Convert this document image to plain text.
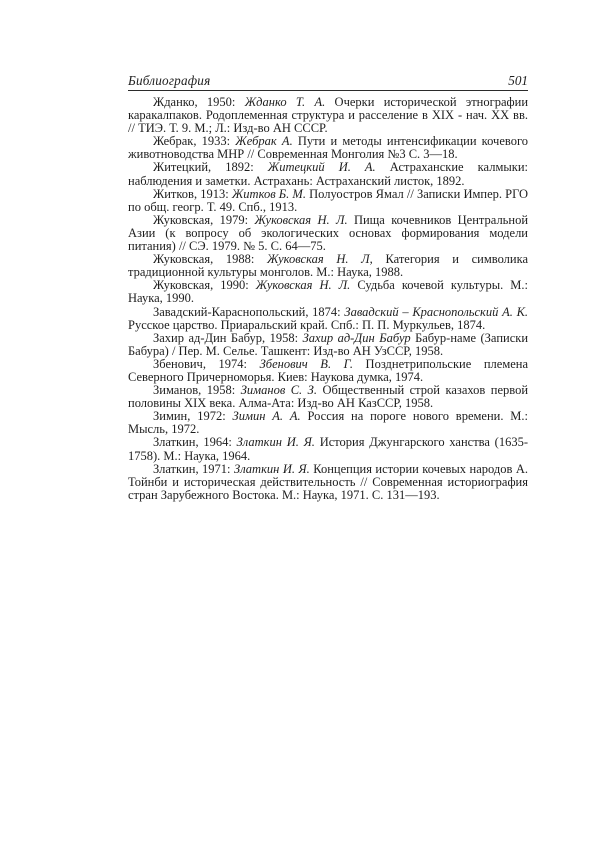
Библиография	501

Жданко, 1950: Жданко Т. А. Очерки исторической этнографии каракалпаков. Родоплеменная структура и расселение в XIX - нач. XX вв. // ТИЭ. Т. 9. М.; Л.: Изд-во АН СССР.

Жебрак, 1933: Жебрак А. Пути и методы интенсификации кочевого животноводства МНР // Современная Монголия №3 С. 3—18.

Житецкий, 1892: Житецкий И. А. Астраханские калмыки: наблюдения и заметки. Астрахань: Астраханский листок, 1892.

Житков, 1913: Житков Б. М. Полуостров Ямал // Записки Импер. РГО по общ. геогр. Т. 49. Спб., 1913.

Жуковская, 1979: Жуковская Н. Л. Пища кочевников Центральной Азии (к вопросу об экологических основах формирования модели питания) // СЭ. 1979. № 5. С. 64—75.

Жуковская, 1988: Жуковская Н. Л, Категория и символика традиционной культуры монголов. М.: Наука, 1988.

Жуковская, 1990: Жуковская Н. Л. Судьба кочевой культуры. М.: Наука, 1990.

Завадский-Караснопольский, 1874: Завадский – Краснопольский А. К. Русское царство. Приаральский край. Спб.: П. П. Муркульев, 1874.

Захир ад-Дин Бабур, 1958: Захир ад-Дин Бабур Бабур-наме (Записки Бабура) / Пер. М. Селье. Ташкент: Изд-во АН УзССР, 1958.

Збенович, 1974: Збенович В. Г. Позднетрипольские племена Северного Причерноморья. Киев: Наукова думка, 1974.

Зиманов, 1958: Зиманов С. З. Общественный строй казахов первой половины XIX века. Алма-Ата: Изд-во АН КазССР, 1958.

Зимин, 1972: Зимин А. А. Россия на пороге нового времени. М.: Мысль, 1972.

Златкин, 1964: Златкин И. Я. История Джунгарского ханства (1635-1758). М.: Наука, 1964.

Златкин, 1971: Златкин И. Я. Концепция истории кочевых народов А. Тойнби и историческая действительность // Современная историография стран Зарубежного Востока. М.: Наука, 1971. С. 131—193.
